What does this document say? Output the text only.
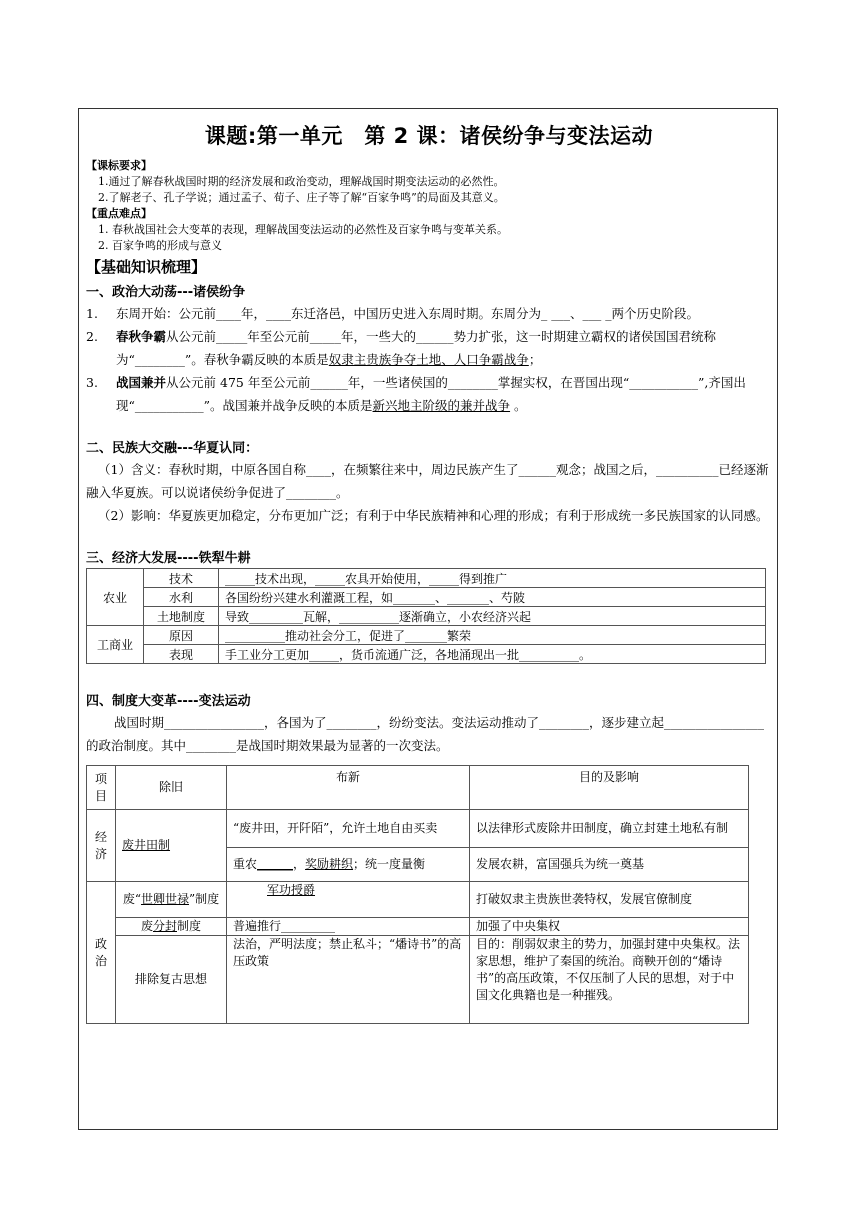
课题:第一单元　第 2 课：诸侯纷争与变法运动
【课标要求】
1.通过了解春秋战国时期的经济发展和政治变动，理解战国时期变法运动的必然性。
2.了解老子、孔子学说；通过孟子、荀子、庄子等了解“百家争鸣”的局面及其意义。
【重点难点】
1. 春秋战国社会大变革的表现，理解战国变法运动的必然性及百家争鸣与变革关系。
2. 百家争鸣的形成与意义
【基础知识梳理】
一、政治大动荡---诸侯纷争
1.	东周开始：公元前____年，____东迁洛邑，中国历史进入东周时期。东周分为_ ___、___ _两个历史阶段。
2.	春秋争霸从公元前_____年至公元前_____年，一些大的______势力扩张，这一时期建立霸权的诸侯国国君统称为“________”。春秋争霸反映的本质是奴隶主贵族争夺土地、人口争霸战争；
3.	战国兼并从公元前 475 年至公元前______年，一些诸侯国的________掌握实权，在晋国出现“___________”,齐国出现“___________”。战国兼并战争反映的本质是新兴地主阶级的兼并战争 。
二、民族大交融---华夏认同：
（1）含义：春秋时期，中原各国自称____，在频繁往来中，周边民族产生了______观念；战国之后，__________已经逐渐融入华夏族。可以说诸侯纷争促进了________。
（2）影响：华夏族更加稳定，分布更加广泛；有利于中华民族精神和心理的形成；有利于形成统一多民族国家的认同感。
三、经济大发展----铁犁牛耕
农业	技术	_____技术出现，_____农具开始使用，_____得到推广
	水利	各国纷纷兴建水利灌溉工程，如_______、_______、芍陂
	土地制度	导致_________瓦解，__________逐渐确立，小农经济兴起
工商业	原因	__________推动社会分工，促进了_______繁荣
	表现	手工业分工更加_____，货币流通广泛，各地涌现出一批__________。
四、制度大变革----变法运动
战国时期________________，各国为了________，纷纷变法。变法运动推动了________，逐步建立起________________的政治制度。其中________是战国时期效果最为显著的一次变法。
项目	除旧	布新	目的及影响
经济	废井田制	“废井田，开阡陌”，允许土地自由买卖	以法律形式废除井田制度，确立封建土地私有制
		重农______，奖励耕织；统一度量衡	发展农耕，富国强兵为统一奠基
政治	废“世卿世禄”制度	军功授爵	打破奴隶主贵族世袭特权，发展官僚制度
	废分封制度	普遍推行_________	加强了中央集权
	排除复古思想	法治，严明法度；禁止私斗；“燔诗书”的高压政策	目的：削弱奴隶主的势力，加强封建中央集权。法家思想，维护了秦国的统治。商鞅开创的“燔诗书”的高压政策，不仅压制了人民的思想，对于中国文化典籍也是一种摧残。
